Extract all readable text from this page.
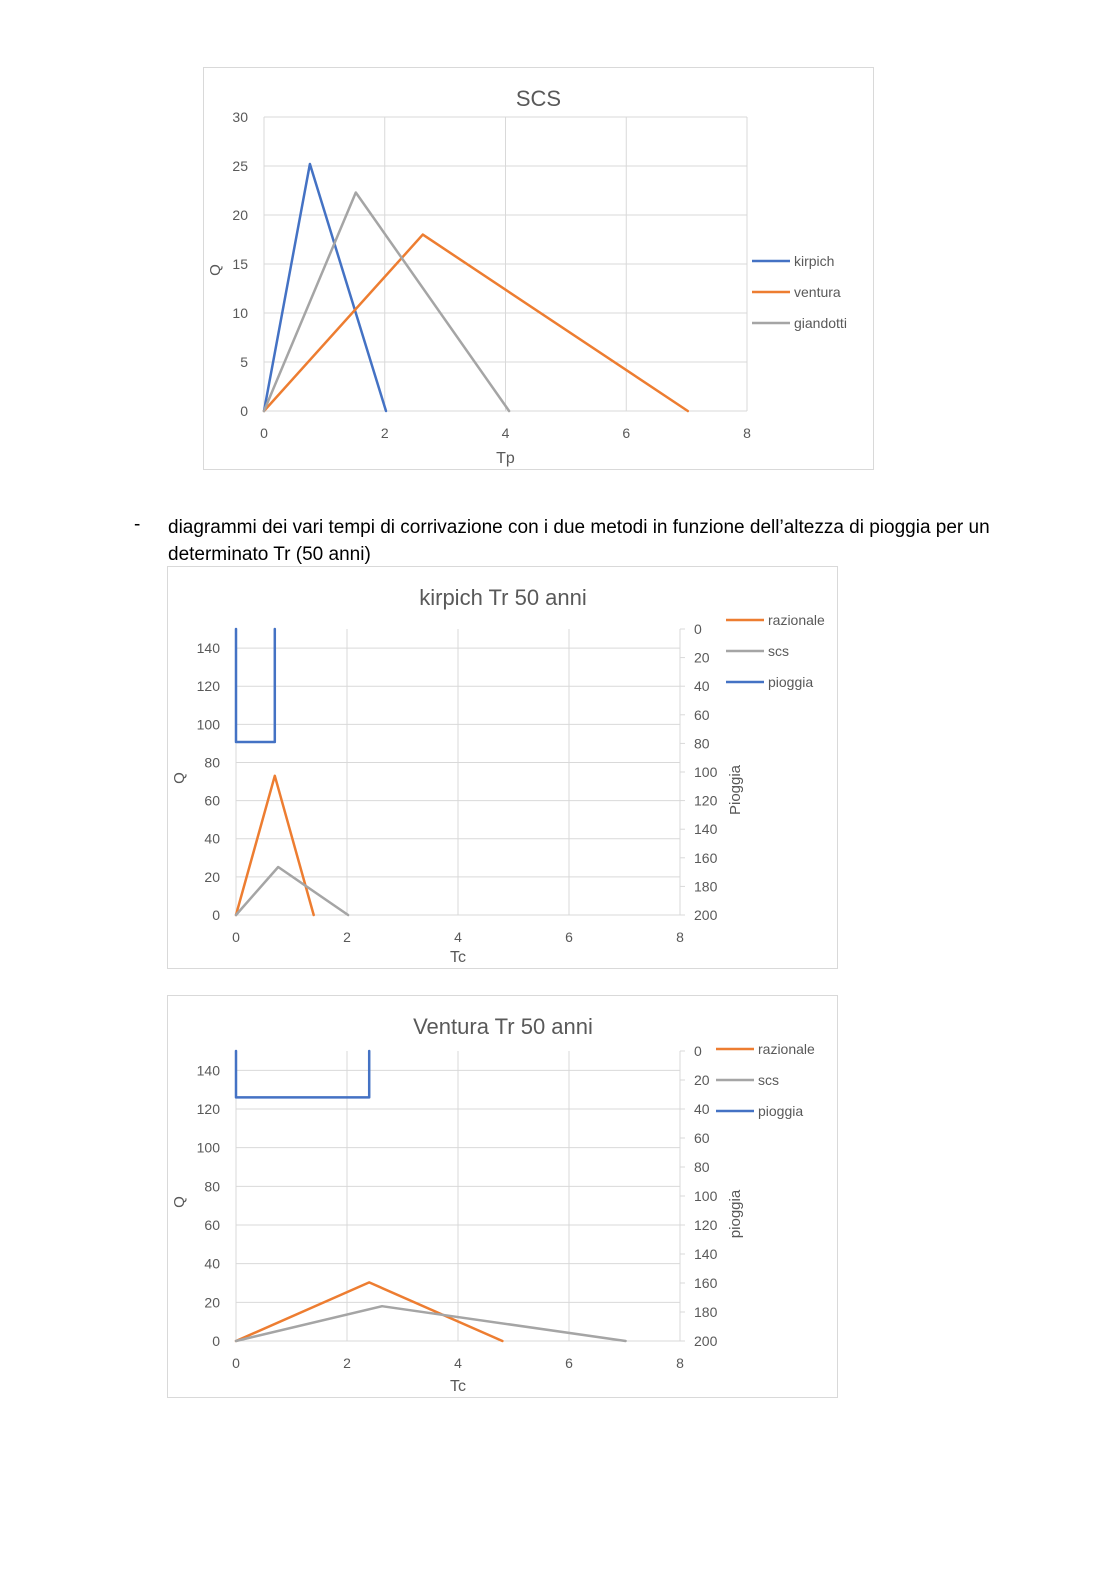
0	2	4	6	8
0
5
10
15
20
25
30
SCS
Tp
Q
kirpich
ventura
giandotti
- diagrammi dei vari tempi di corrivazione con i due metodi in funzione dell’altezza di pioggia per un
determinato Tr (50 anni)
0	2	4	6	8
0
20
40
60
80
100
120
140
0
20
40
60
80
100
120
140
160
180
200
Pioggia
kirpich Tr 50 anni
Tc
Q
razionale
scs
pioggia
0	2	4	6	8
0
20
40
60
80
100
120
140
0
20
40
60
80
100
120
140
160
180
200
pioggia
Ventura Tr 50 anni
Tc
Q
razionale
scs
pioggia
